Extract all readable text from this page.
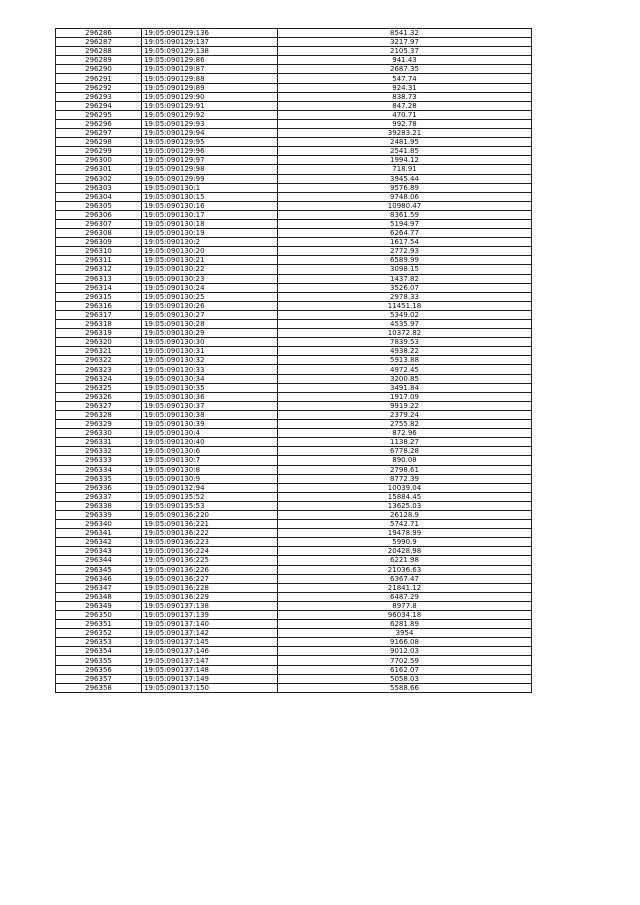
296286	19:05:090129:136	8541.32
296287	19:05:090129:137	3217.97
296288	19:05:090129:138	2105.37
296289	19:05:090129:86	941.43
296290	19:05:090129:87	2687.35
296291	19:05:090129:88	547.74
296292	19:05:090129:89	924.31
296293	19:05:090129:90	838.73
296294	19:05:090129:91	847.28
296295	19:05:090129:92	470.71
296296	19:05:090129:93	992.78
296297	19:05:090129:94	39283.21
296298	19:05:090129:95	2481.95
296299	19:05:090129:96	2541.85
296300	19:05:090129:97	1994.12
296301	19:05:090129:98	718.91
296302	19:05:090129:99	3945.44
296303	19:05:090130:1	9576.89
296304	19:05:090130:15	9748.06
296305	19:05:090130:16	10980.47
296306	19:05:090130:17	8361.59
296307	19:05:090130:18	5194.97
296308	19:05:090130:19	6264.77
296309	19:05:090130:2	1617.54
296310	19:05:090130:20	2772.93
296311	19:05:090130:21	6589.99
296312	19:05:090130:22	3098.15
296313	19:05:090130:23	1437.82
296314	19:05:090130:24	3526.07
296315	19:05:090130:25	2978.33
296316	19:05:090130:26	11451.18
296317	19:05:090130:27	5349.02
296318	19:05:090130:28	4535.97
296319	19:05:090130:29	10372.82
296320	19:05:090130:30	7839.53
296321	19:05:090130:31	4938.22
296322	19:05:090130:32	5913.88
296323	19:05:090130:33	4972.45
296324	19:05:090130:34	3200.85
296325	19:05:090130:35	3491.84
296326	19:05:090130:36	1917.09
296327	19:05:090130:37	9919.22
296328	19:05:090130:38	2379.24
296329	19:05:090130:39	2755.82
296330	19:05:090130:4	872.96
296331	19:05:090130:40	1138.27
296332	19:05:090130:6	6778.28
296333	19:05:090130:7	890.08
296334	19:05:090130:8	2798.61
296335	19:05:090130:9	8772.39
296336	19:05:090132:94	10039.04
296337	19:05:090135:52	15884.45
296338	19:05:090135:53	13625.03
296339	19:05:090136:220	26128.9
296340	19:05:090136:221	5742.71
296341	19:05:090136:222	19478.99
296342	19:05:090136:223	5990.9
296343	19:05:090136:224	20428.98
296344	19:05:090136:225	6221.98
296345	19:05:090136:226	21036.63
296346	19:05:090136:227	6367.47
296347	19:05:090136:228	21841.12
296348	19:05:090136:229	6487.29
296349	19:05:090137:138	8977.8
296350	19:05:090137:139	96034.18
296351	19:05:090137:140	6281.89
296352	19:05:090137:142	3954
296353	19:05:090137:145	9166.08
296354	19:05:090137:146	9012.03
296355	19:05:090137:147	7702.59
296356	19:05:090137:148	6162.07
296357	19:05:090137:149	5058.03
296358	19:05:090137:150	5588.66
